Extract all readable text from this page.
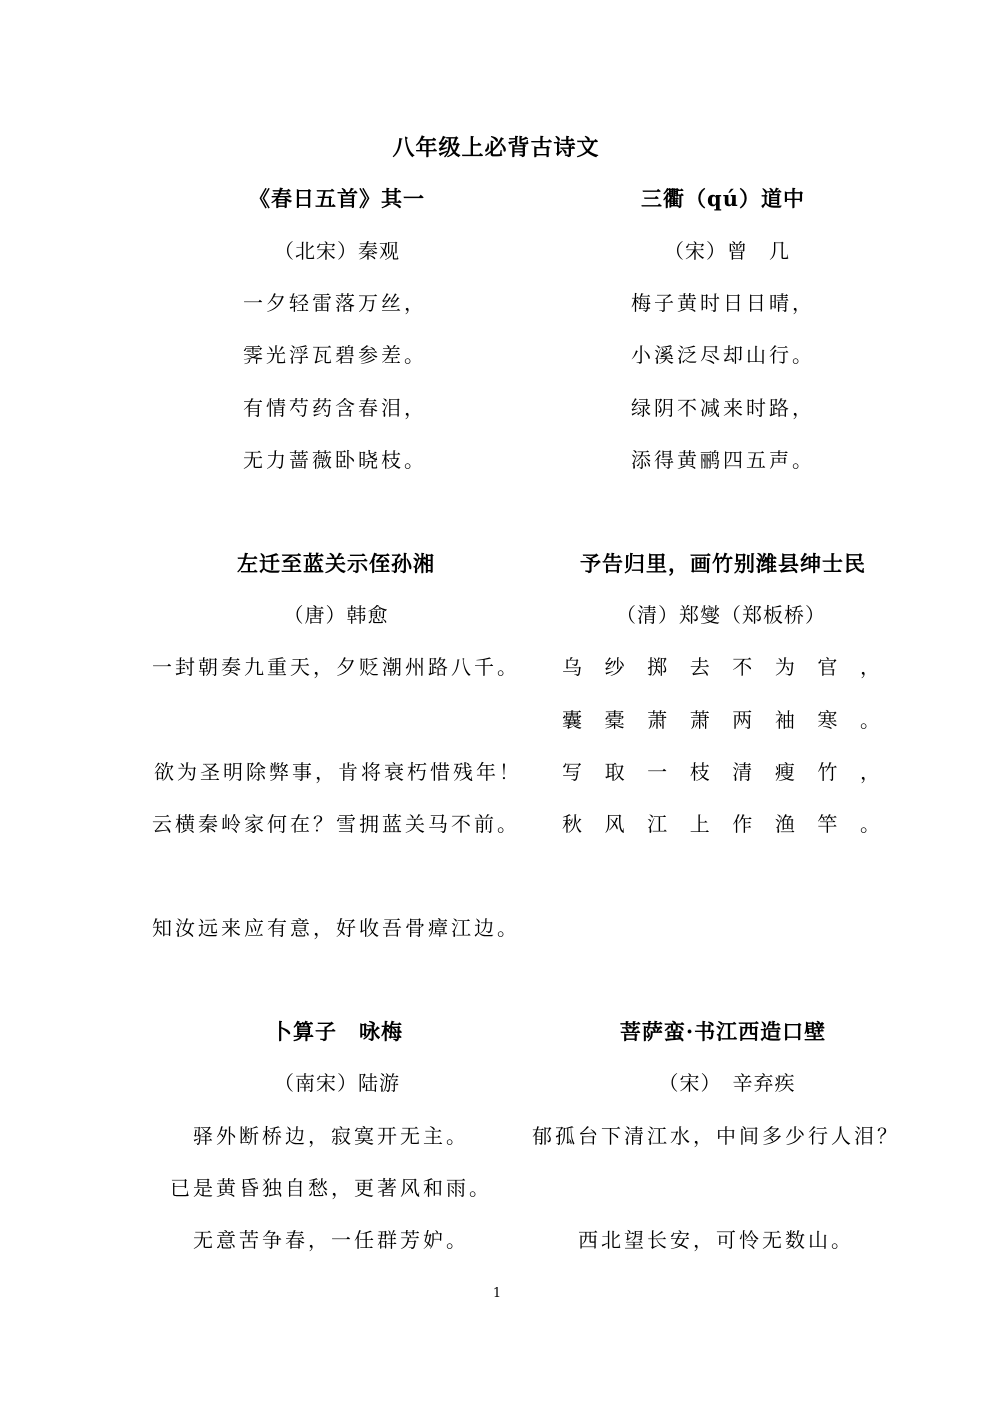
八年级上必背古诗文
《春日五首》其一
（北宋）秦观
一夕轻雷落万丝，
霁光浮瓦碧参差。
有情芍药含春泪，
无力蔷薇卧晓枝。
三衢（qú）道中
（宋）曾　几
梅子黄时日日晴，
小溪泛尽却山行。
绿阴不减来时路，
添得黄鹂四五声。
左迁至蓝关示侄孙湘
（唐）韩愈
一封朝奏九重天，夕贬潮州路八千。
欲为圣明除弊事，肯将衰朽惜残年！
云横秦岭家何在？雪拥蓝关马不前。
知汝远来应有意，好收吾骨瘴江边。
予告归里，画竹别潍县绅士民
（清）郑燮（郑板桥）
乌 纱 掷 去 不 为 官 ，
囊 橐 萧 萧 两 袖 寒 。
写 取 一 枝 清 瘦 竹 ，
秋 风 江 上 作 渔 竿 。
卜算子　咏梅
（南宋）陆游
驿外断桥边，寂寞开无主。
已是黄昏独自愁，更著风和雨。
无意苦争春，一任群芳妒。
菩萨蛮·书江西造口壁
（宋）　辛弃疾
郁孤台下清江水，中间多少行人泪？
西北望长安，可怜无数山。
1
